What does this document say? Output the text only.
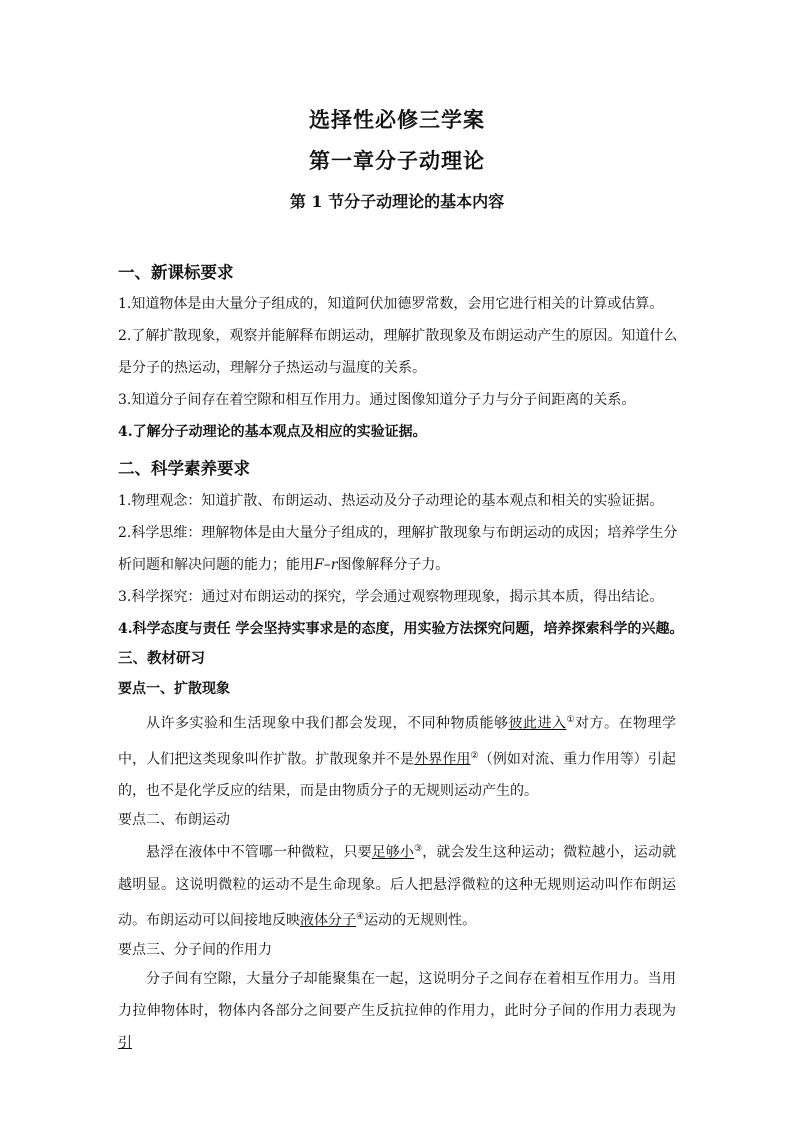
选择性必修三学案
第一章分子动理论
第 1 节分子动理论的基本内容
一、新课标要求
1.知道物体是由大量分子组成的，知道阿伏加德罗常数，会用它进行相关的计算或估算。
2.了解扩散现象，观察并能解释布朗运动，理解扩散现象及布朗运动产生的原因。知道什么
是分子的热运动，理解分子热运动与温度的关系。
3.知道分子间存在着空隙和相互作用力。通过图像知道分子力与分子间距离的关系。
4.了解分子动理论的基本观点及相应的实验证据。
二、科学素养要求
1.物理观念：知道扩散、布朗运动、热运动及分子动理论的基本观点和相关的实验证据。
2.科学思维：理解物体是由大量分子组成的，理解扩散现象与布朗运动的成因；培养学生分
析问题和解决问题的能力；能用F–r图像解释分子力。
3.科学探究：通过对布朗运动的探究，学会通过观察物理现象，揭示其本质，得出结论。
4.科学态度与责任 学会坚持实事求是的态度，用实验方法探究问题，培养探索科学的兴趣。
三、教材研习
要点一、扩散现象
从许多实验和生活现象中我们都会发现，不同种物质能够彼此进入①对方。在物理学中，人们把这类现象叫作扩散。扩散现象并不是外界作用②（例如对流、重力作用等）引起的，也不是化学反应的结果，而是由物质分子的无规则运动产生的。
要点二、布朗运动
悬浮在液体中不管哪一种微粒，只要足够小③，就会发生这种运动；微粒越小，运动就越明显。这说明微粒的运动不是生命现象。后人把悬浮微粒的这种无规则运动叫作布朗运动。布朗运动可以间接地反映液体分子④运动的无规则性。
要点三、分子间的作用力
分子间有空隙，大量分子却能聚集在一起，这说明分子之间存在着相互作用力。当用力拉伸物体时，物体内各部分之间要产生反抗拉伸的作用力，此时分子间的作用力表现为引
